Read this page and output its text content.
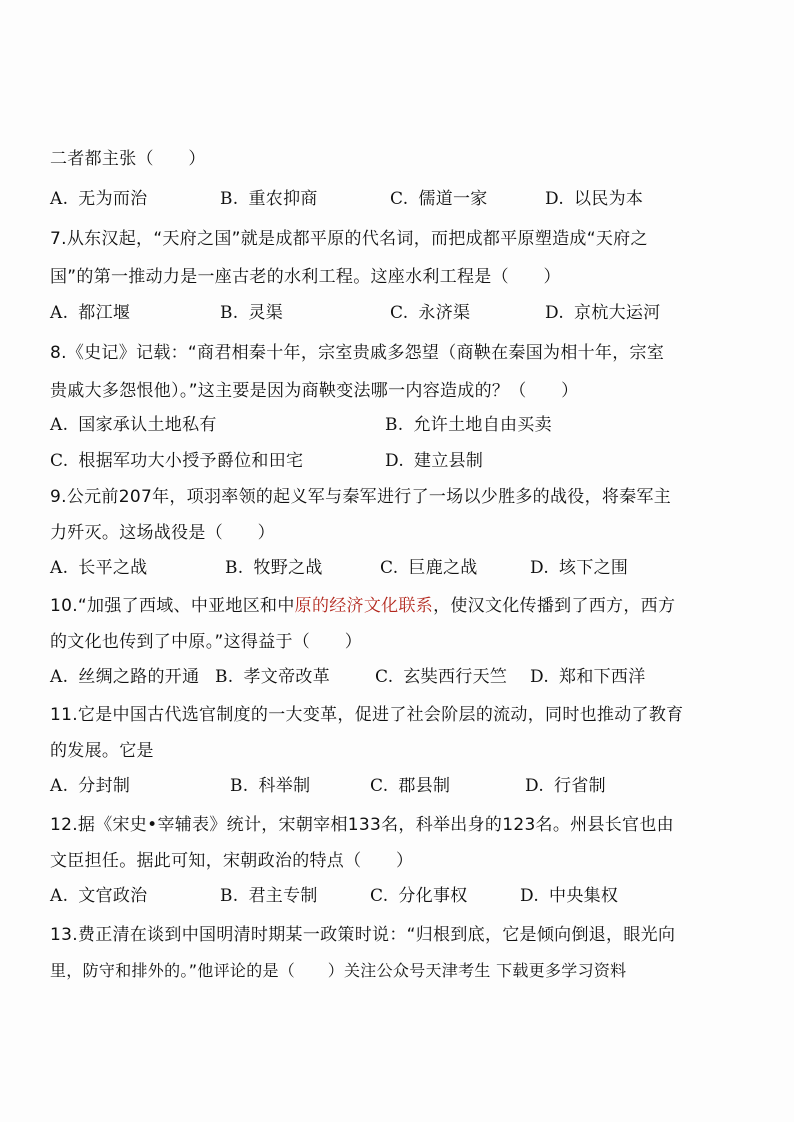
二者都主张（　　）
A. 无为而治	B. 重农抑商	C. 儒道一家	D. 以民为本
7.从东汉起，“天府之国”就是成都平原的代名词，而把成都平原塑造成“天府之
国”的第一推动力是一座古老的水利工程。这座水利工程是（　　）
A. 都江堰	B. 灵渠	C. 永济渠	D. 京杭大运河
8.《史记》记载：“商君相秦十年，宗室贵戚多怨望（商鞅在秦国为相十年，宗室
贵戚大多怨恨他）。”这主要是因为商鞅变法哪一内容造成的？（　　）
A. 国家承认土地私有	B. 允许土地自由买卖
C. 根据军功大小授予爵位和田宅	D. 建立县制
9.公元前207年，项羽率领的起义军与秦军进行了一场以少胜多的战役，将秦军主
力歼灭。这场战役是（　　）
A. 长平之战	B. 牧野之战	C. 巨鹿之战	D. 垓下之围
10.“加强了西域、中亚地区和中原的经济文化联系，使汉文化传播到了西方，西方
的文化也传到了中原。”这得益于（　　）
A. 丝绸之路的开通 B. 孝文帝改革	C. 玄奘西行天竺 D. 郑和下西洋
11.它是中国古代选官制度的一大变革，促进了社会阶层的流动，同时也推动了教育
的发展。它是
A. 分封制	B. 科举制	C. 郡县制	D. 行省制
12.据《宋史•宰辅表》统计，宋朝宰相133名，科举出身的123名。州县长官也由
文臣担任。据此可知，宋朝政治的特点（　　）
A. 文官政治	B. 君主专制	C. 分化事权	D. 中央集权
13.费正清在谈到中国明清时期某一政策时说：“归根到底，它是倾向倒退，眼光向
里，防守和排外的。”他评论的是（　　）关注公众号天津考生 下载更多学习资料
